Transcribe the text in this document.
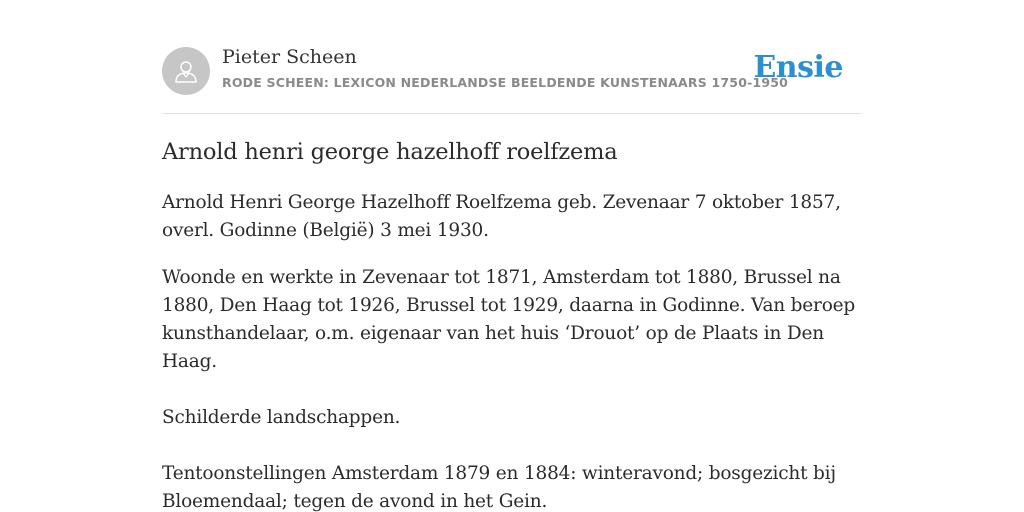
Pieter Scheen
RODE SCHEEN: LEXICON NEDERLANDSE BEELDENDE KUNSTENAARS 1750-1950
Ensie
Arnold henri george hazelhoff roelfzema

Arnold Henri George Hazelhoff Roelfzema geb. Zevenaar 7 oktober 1857, overl. Godinne (België) 3 mei 1930.

Woonde en werkte in Zevenaar tot 1871, Amsterdam tot 1880, Brussel na 1880, Den Haag tot 1926, Brussel tot 1929, daarna in Godinne. Van beroep kunsthandelaar, o.m. eigenaar van het huis ‘Drouot’ op de Plaats in Den Haag.

Schilderde landschappen.

Tentoonstellingen Amsterdam 1879 en 1884: winteravond; bosgezicht bij Bloemendaal; tegen de avond in het Gein.
